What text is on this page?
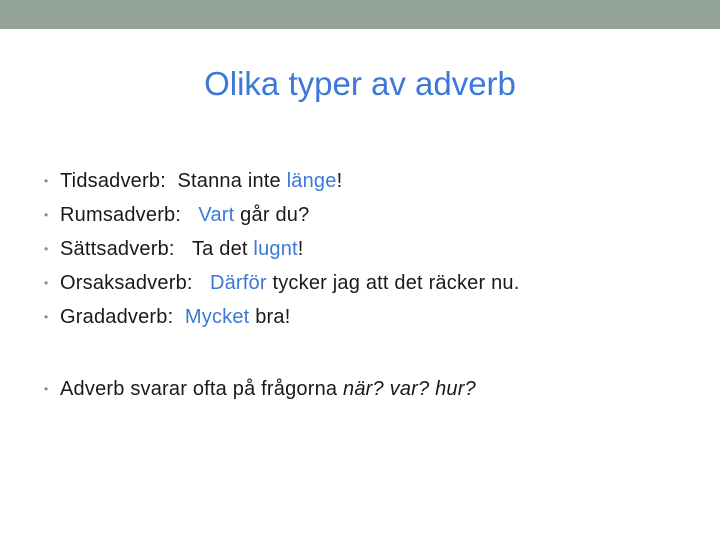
Olika typer av adverb
• Tidsadverb: Stanna inte länge!
• Rumsadverb: Vart går du?
• Sättsadverb: Ta det lugnt!
• Orsaksadverb: Därför tycker jag att det räcker nu.
• Gradadverb: Mycket bra!
• Adverb svarar ofta på frågorna när? var? hur?
